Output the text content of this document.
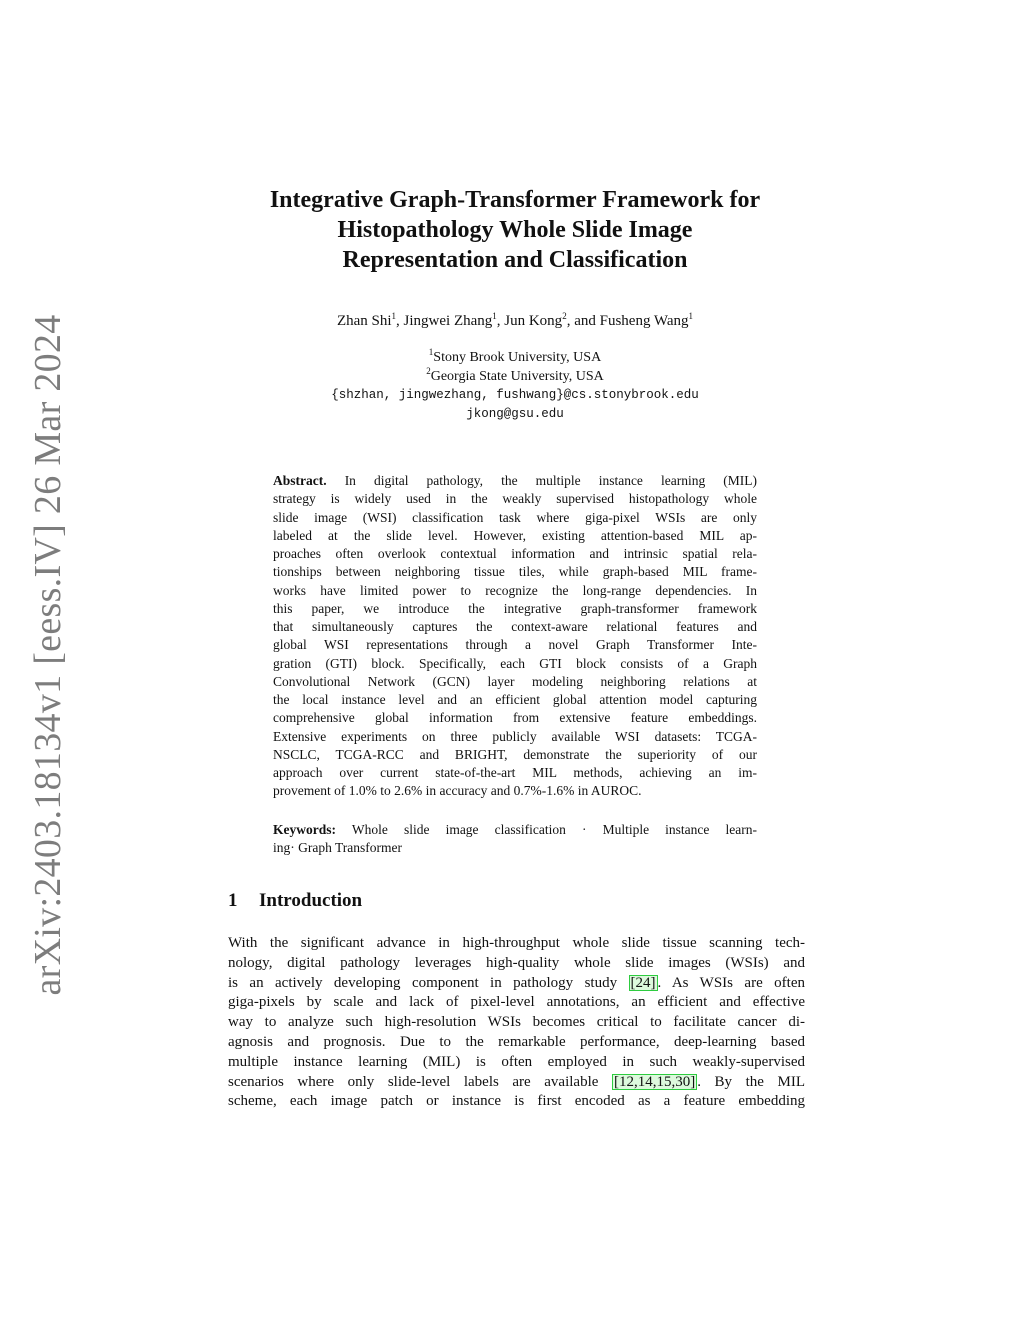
arXiv:2403.18134v1 [eess.IV] 26 Mar 2024
Integrative Graph-Transformer Framework for
Histopathology Whole Slide Image
Representation and Classification
Zhan Shi$^1$, Jingwei Zhang$^1$, Jun Kong$^2$, and Fusheng Wang$^1$
$^1$Stony Brook University, USA
$^2$Georgia State University, USA
{shzhan, jingwezhang, fushwang}@cs.stonybrook.edu
jkong@gsu.edu
Abstract. In digital pathology, the multiple instance learning (MIL)
strategy is widely used in the weakly supervised histopathology whole
slide image (WSI) classification task where giga-pixel WSIs are only
labeled at the slide level. However, existing attention-based MIL ap-
proaches often overlook contextual information and intrinsic spatial rela-
tionships between neighboring tissue tiles, while graph-based MIL frame-
works have limited power to recognize the long-range dependencies. In
this paper, we introduce the integrative graph-transformer framework
that simultaneously captures the context-aware relational features and
global WSI representations through a novel Graph Transformer Inte-
gration (GTI) block. Specifically, each GTI block consists of a Graph
Convolutional Network (GCN) layer modeling neighboring relations at
the local instance level and an efficient global attention model capturing
comprehensive global information from extensive feature embeddings.
Extensive experiments on three publicly available WSI datasets: TCGA-
NSCLC, TCGA-RCC and BRIGHT, demonstrate the superiority of our
approach over current state-of-the-art MIL methods, achieving an im-
provement of 1.0% to 2.6% in accuracy and 0.7%-1.6% in AUROC.
Keywords: Whole slide image classification · Multiple instance learn-
ing· Graph Transformer
1 Introduction
With the significant advance in high-throughput whole slide tissue scanning tech-
nology, digital pathology leverages high-quality whole slide images (WSIs) and
is an actively developing component in pathology study [24] . As WSIs are often
giga-pixels by scale and lack of pixel-level annotations, an efficient and effective
way to analyze such high-resolution WSIs becomes critical to facilitate cancer di-
agnosis and prognosis. Due to the remarkable performance, deep-learning based
multiple instance learning (MIL) is often employed in such weakly-supervised
scenarios where only slide-level labels are available [12,14,15,30] . By the MIL
scheme, each image patch or instance is first encoded as a feature embedding
